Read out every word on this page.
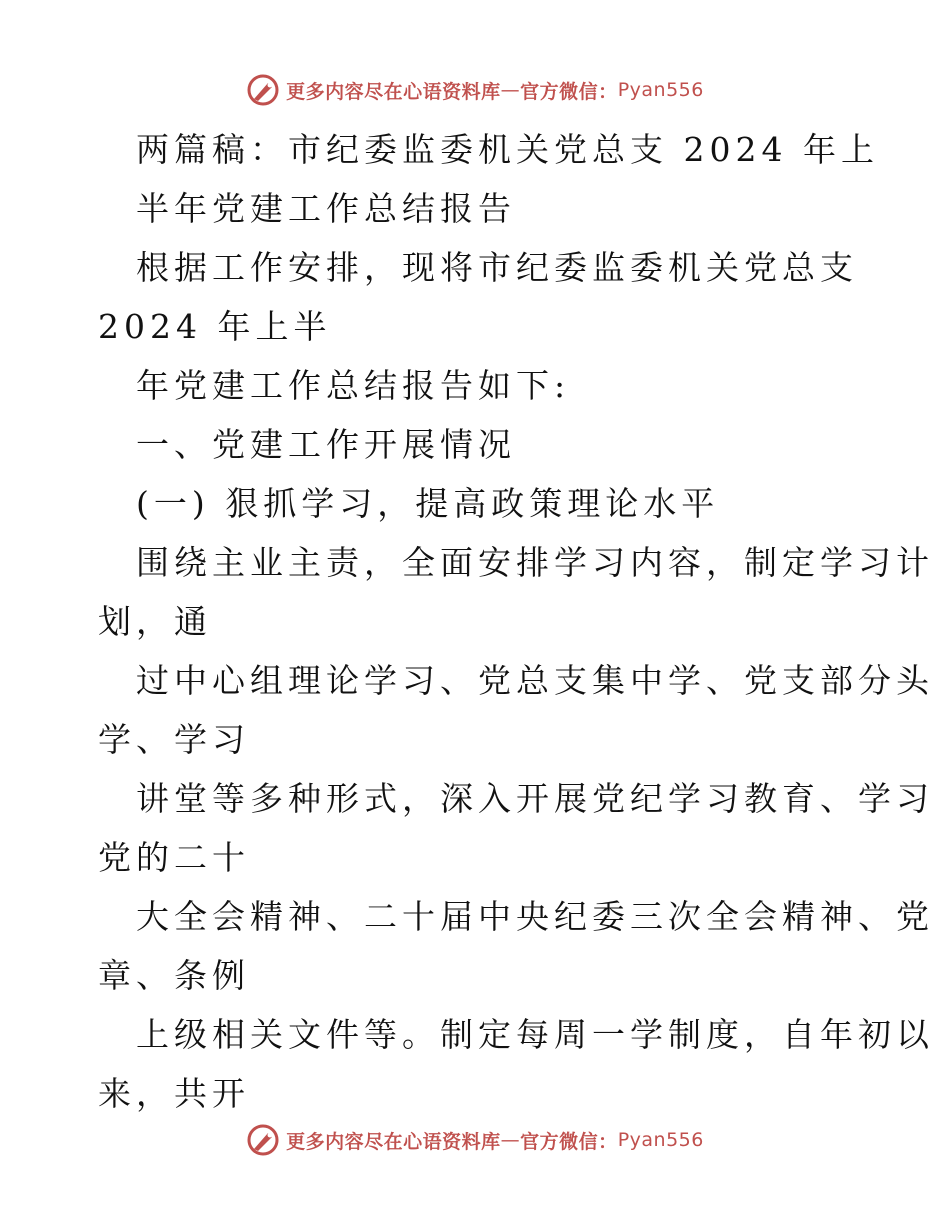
更多内容尽在心语资料库 — 官方微信： Pyan556
两篇稿：市纪委监委机关党总支 2024 年上
半年党建工作总结报告
根据工作安排，现将市纪委监委机关党总支
2024 年上半
年党建工作总结报告如下:
一、党建工作开展情况
(一) 狠抓学习，提高政策理论水平
围绕主业主责，全面安排学习内容，制定学习计
划，通
过中心组理论学习、党总支集中学、党支部分头
学、学习
讲堂等多种形式，深入开展党纪学习教育、学习
党的二十
大全会精神、二十届中央纪委三次全会精神、党
章、条例
上级相关文件等。制定每周一学制度，自年初以
来，共开
更多内容尽在心语资料库 — 官方微信： Pyan556
